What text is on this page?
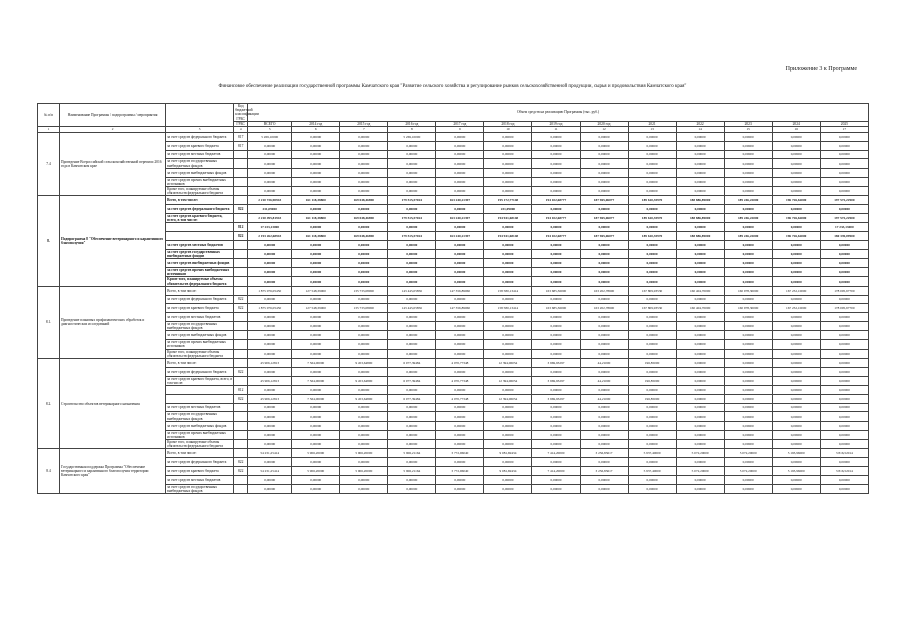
Приложение 3 к Программе
Финансовое обеспечение реализации государственной программы Камчатского края "Развитие сельского хозяйства и регулирование рынков сельскохозяйственной продукции, сырья и продовольствия Камчатского края"
№ п/п	Наименование Программы / подпрограммы / мероприятия		Код бюджетной классификации ГРБС	Объем средств на реализацию Программы (тыс. руб.)												
			ГРБС	ВСЕГО	2014 год	2015 год	2016 год	2017 год	2018 год	2019 год	2020 год	2021	2022	2023	2024	2025
1	2	3	4	5	6	7	8	9	10	11	12	13	14	15	16	17
7.4	Проведение Всероссийской сельскохозяйственной переписи 2016 года в Камчатском крае	за счет средств федерального бюджета	817	5 269,10000	0,00000	0,00000	5 269,10000	0,00000	0,00000	0,00000	0,00000	0,00000	0,00000	0,00000	0,00000	0,00000
		за счет средств краевого бюджета	817	0,00000	0,00000	0,00000	0,00000	0,00000	0,00000	0,00000	0,00000	0,00000	0,00000	0,00000	0,00000	0,00000
		за счет средств местных бюджетов		0,00000	0,00000	0,00000	0,00000	0,00000	0,00000	0,00000	0,00000	0,00000	0,00000	0,00000	0,00000	0,00000
		за счет средств государственных внебюджетных фондов		0,00000	0,00000	0,00000	0,00000	0,00000	0,00000	0,00000	0,00000	0,00000	0,00000	0,00000	0,00000	0,00000
		за счет средств внебюджетных фондов		0,00000	0,00000	0,00000	0,00000	0,00000	0,00000	0,00000	0,00000	0,00000	0,00000	0,00000	0,00000	0,00000
		за счет средств прочих внебюджетных источников		0,00000	0,00000	0,00000	0,00000	0,00000	0,00000	0,00000	0,00000	0,00000	0,00000	0,00000	0,00000	0,00000
		Кроме того, планируемые объемы обязательств федерального бюджета		0,00000	0,00000	0,00000	0,00000	0,00000	0,00000	0,00000	0,00000	0,00000	0,00000	0,00000	0,00000	0,00000
8.	Подпрограмма 8 "Обеспечение ветеринарного и карантинного благополучия"	Всего, в том числе:		2 210 726,90943	161 118,38800	169 048,46890	179 515,57024	163 240,21397	195 172,77148	194 102,68777	187 965,06077	189 610,35970	188 886,89000	189 246,22000	196 726,62000	197 572,22900
		за счет средств федерального бюджета	822	231,09000	0,00000	0,00000	0,00000	0,00000	231,09000	0,00000	0,00000	0,00000	0,00000	0,00000	0,00000	0,00000
		за счет средств краевого бюджета, всего, в том числе:		2 210 495,81943	161 118,38800	169 048,46890	179 515,57024	163 240,21397	194 941,68148	194 102,68777	187 965,06077	189 610,35970	188 886,89000	189 246,22000	196 726,62000	197 572,22900
			812	17 233,13000	0,00000	0,00000	0,00000	0,00000	0,00000	0,00000	0,00000	0,00000	0,00000	0,00000	0,00000	17 233,13000
			822	2 193 262,68943	161 118,38800	169 048,46890	179 515,57024	163 240,21397	194 941,68148	194 102,68777	187 965,06077	189 610,35970	188 886,89000	189 246,22000	196 726,62000	180 339,09900
		за счет средств местных бюджетов		0,00000	0,00000	0,00000	0,00000	0,00000	0,00000	0,00000	0,00000	0,00000	0,00000	0,00000	0,00000	0,00000
		за счет средств государственных внебюджетных фондов		0,00000	0,00000	0,00000	0,00000	0,00000	0,00000	0,00000	0,00000	0,00000	0,00000	0,00000	0,00000	0,00000
		за счет средств внебюджетных фондов		0,00000	0,00000	0,00000	0,00000	0,00000	0,00000	0,00000	0,00000	0,00000	0,00000	0,00000	0,00000	0,00000
		за счет средств прочих внебюджетных источников		0,00000	0,00000	0,00000	0,00000	0,00000	0,00000	0,00000	0,00000	0,00000	0,00000	0,00000	0,00000	0,00000
		Кроме того, планируемые объемы обязательств федерального бюджета		0,00000	0,00000	0,00000	0,00000	0,00000	0,00000	0,00000	0,00000	0,00000	0,00000	0,00000	0,00000	0,00000
8.1.	Проведение плановых профилактических обработок и диагностических исследований	Всего, в том числе:		1 875 076,05450	127 548,39000	135 733,08000	143 445,05856	147 356,89060	158 580,13414	163 685,36000	163 202,78600	167 809,93530	160 404,70000	160 978,30000	167 232,10000	178 005,97700
		за счет средств федерального бюджета	822	0,00000	0,00000	0,00000	0,00000	0,00000	0,00000	0,00000	0,00000	0,00000	0,00000	0,00000	0,00000	0,00000
		за счет средств краевого бюджета	822	1 875 076,05450	127 548,39000	135 733,08000	143 445,05856	147 356,89060	158 580,13414	163 685,36000	163 202,78600	167 809,93530	160 404,70000	160 978,30000	167 232,10000	178 005,97700
		за счет средств местных бюджетов		0,00000	0,00000	0,00000	0,00000	0,00000	0,00000	0,00000	0,00000	0,00000	0,00000	0,00000	0,00000	0,00000
		за счет средств государственных внебюджетных фондов		0,00000	0,00000	0,00000	0,00000	0,00000	0,00000	0,00000	0,00000	0,00000	0,00000	0,00000	0,00000	0,00000
		за счет средств внебюджетных фондов		0,00000	0,00000	0,00000	0,00000	0,00000	0,00000	0,00000	0,00000	0,00000	0,00000	0,00000	0,00000	0,00000
		за счет средств прочих внебюджетных источников		0,00000	0,00000	0,00000	0,00000	0,00000	0,00000	0,00000	0,00000	0,00000	0,00000	0,00000	0,00000	0,00000
		Кроме того, планируемые объемы обязательств федерального бюджета		0,00000	0,00000	0,00000	0,00000	0,00000	0,00000	0,00000	0,00000	0,00000	0,00000	0,00000	0,00000	0,00000
8.2.	Строительство объектов ветеринарного назначения	Всего, в том числе:		45 906,12813	7 564,00000	9 453,64890	6 077,39484	4 070,77348	12 394,06054	3 969,93297	44,21000	196,85000	0,00000	0,00000	0,00000	0,00000
		за счет средств федерального бюджета	822	0,00000	0,00000	0,00000	0,00000	0,00000	0,00000	0,00000	0,00000	0,00000	0,00000	0,00000	0,00000	0,00000
		за счет средств краевого бюджета, всего, в том числе:		45 906,12813	7 564,00000	9 453,64890	6 077,39484	4 070,77348	12 394,06054	3 969,93297	44,21000	196,85000	0,00000	0,00000	0,00000	0,00000
			812	0,00000	0,00000	0,00000	0,00000	0,00000	0,00000	0,00000	0,00000	0,00000	0,00000	0,00000	0,00000	0,00000
			822	45 906,12813	7 564,00000	9 453,64890	6 077,39484	4 070,77348	12 394,06054	3 969,93297	44,21000	196,85000	0,00000	0,00000	0,00000	0,00000
		за счет средств местных бюджетов		0,00000	0,00000	0,00000	0,00000	0,00000	0,00000	0,00000	0,00000	0,00000	0,00000	0,00000	0,00000	0,00000
		за счет средств государственных внебюджетных фондов		0,00000	0,00000	0,00000	0,00000	0,00000	0,00000	0,00000	0,00000	0,00000	0,00000	0,00000	0,00000	0,00000
		за счет средств внебюджетных фондов		0,00000	0,00000	0,00000	0,00000	0,00000	0,00000	0,00000	0,00000	0,00000	0,00000	0,00000	0,00000	0,00000
		за счет средств прочих внебюджетных источников		0,00000	0,00000	0,00000	0,00000	0,00000	0,00000	0,00000	0,00000	0,00000	0,00000	0,00000	0,00000	0,00000
		Кроме того, планируемые объемы обязательств федерального бюджета		0,00000	0,00000	0,00000	0,00000	0,00000	0,00000	0,00000	0,00000	0,00000	0,00000	0,00000	0,00000	0,00000
8.4	Государственная поддержка Программы "Обеспечение ветеринарного и карантинного благополучия территории Камчатского края"	Всего, в том числе:		54 231,25414	5 906,20000	5 906,20000	5 906,21164	3 772,96040	9 081,69434	7 414,20000	3 256,83617	5 937,40000	5 072,20000	5 072,20000	5 193,96000	3 816,52014
		за счет средств федерального бюджета	822	0,00000	0,00000	0,00000	0,00000	0,00000	0,00000	0,00000	0,00000	0,00000	0,00000	0,00000	0,00000	0,00000
		за счет средств краевого бюджета	822	54 231,25414	5 906,20000	5 906,20000	5 906,21164	3 772,96040	9 081,69434	7 414,20000	3 256,83617	5 937,40000	5 072,20000	5 072,20000	5 193,96000	3 816,52014
		за счет средств местных бюджетов		0,00000	0,00000	0,00000	0,00000	0,00000	0,00000	0,00000	0,00000	0,00000	0,00000	0,00000	0,00000	0,00000
		за счет средств государственных внебюджетных фондов		0,00000	0,00000	0,00000	0,00000	0,00000	0,00000	0,00000	0,00000	0,00000	0,00000	0,00000	0,00000	0,00000
